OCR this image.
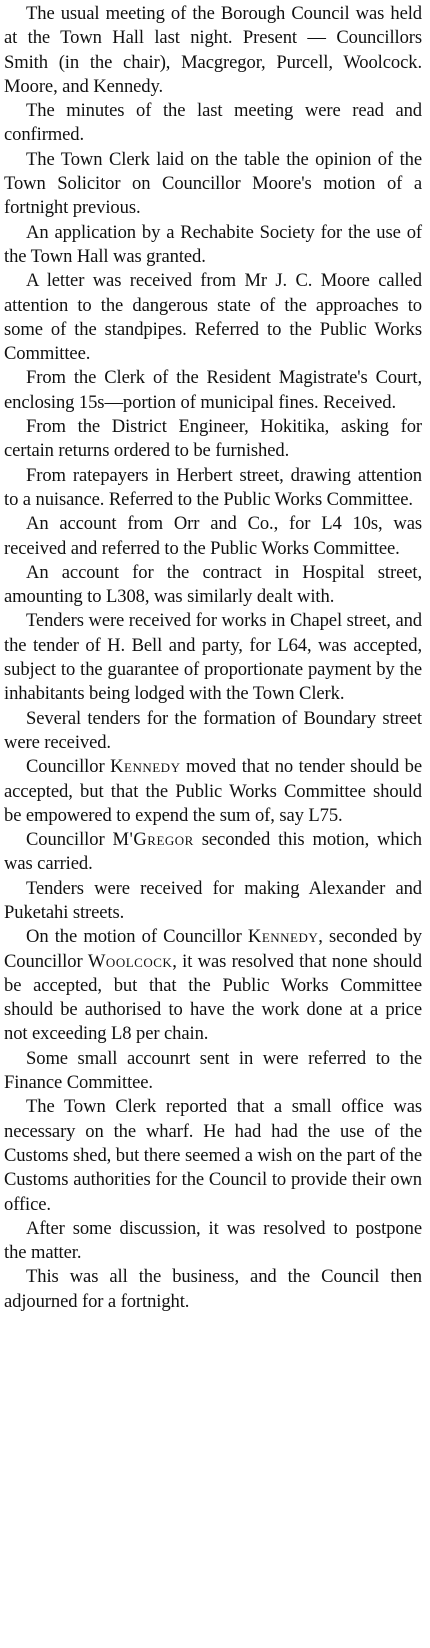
The usual meeting of the Borough Council was held at the Town Hall last night. Present — Councillors Smith (in the chair), Macgregor, Purcell, Woolcock. Moore, and Kennedy.

The minutes of the last meeting were read and confirmed.

The Town Clerk laid on the table the opinion of the Town Solicitor on Councillor Moore's motion of a fortnight previous.

An application by a Rechabite Society for the use of the Town Hall was granted.

A letter was received from Mr J. C. Moore called attention to the dangerous state of the approaches to some of the standpipes. Referred to the Public Works Committee.

From the Clerk of the Resident Magistrate's Court, enclosing 15s—portion of municipal fines. Received.

From the District Engineer, Hokitika, asking for certain returns ordered to be furnished.

From ratepayers in Herbert street, drawing attention to a nuisance. Referred to the Public Works Committee.

An account from Orr and Co., for L4 10s, was received and referred to the Public Works Committee.

An account for the contract in Hospital street, amounting to L308, was similarly dealt with.

Tenders were received for works in Chapel street, and the tender of H. Bell and party, for L64, was accepted, subject to the guarantee of proportionate payment by the inhabitants being lodged with the Town Clerk.

Several tenders for the formation of Boundary street were received.

Councillor Kennedy moved that no tender should be accepted, but that the Public Works Committee should be empowered to expend the sum of, say L75.

Councillor M'Gregor seconded this motion, which was carried.

Tenders were received for making Alexander and Puketahi streets.

On the motion of Councillor Kennedy, seconded by Councillor Woolcock, it was resolved that none should be accepted, but that the Public Works Committee should be authorised to have the work done at a price not exceeding L8 per chain.

Some small accounrt sent in were referred to the Finance Committee.

The Town Clerk reported that a small office was necessary on the wharf. He had had the use of the Customs shed, but there seemed a wish on the part of the Customs authorities for the Council to provide their own office.

After some discussion, it was resolved to postpone the matter.

This was all the business, and the Council then adjourned for a fortnight.
